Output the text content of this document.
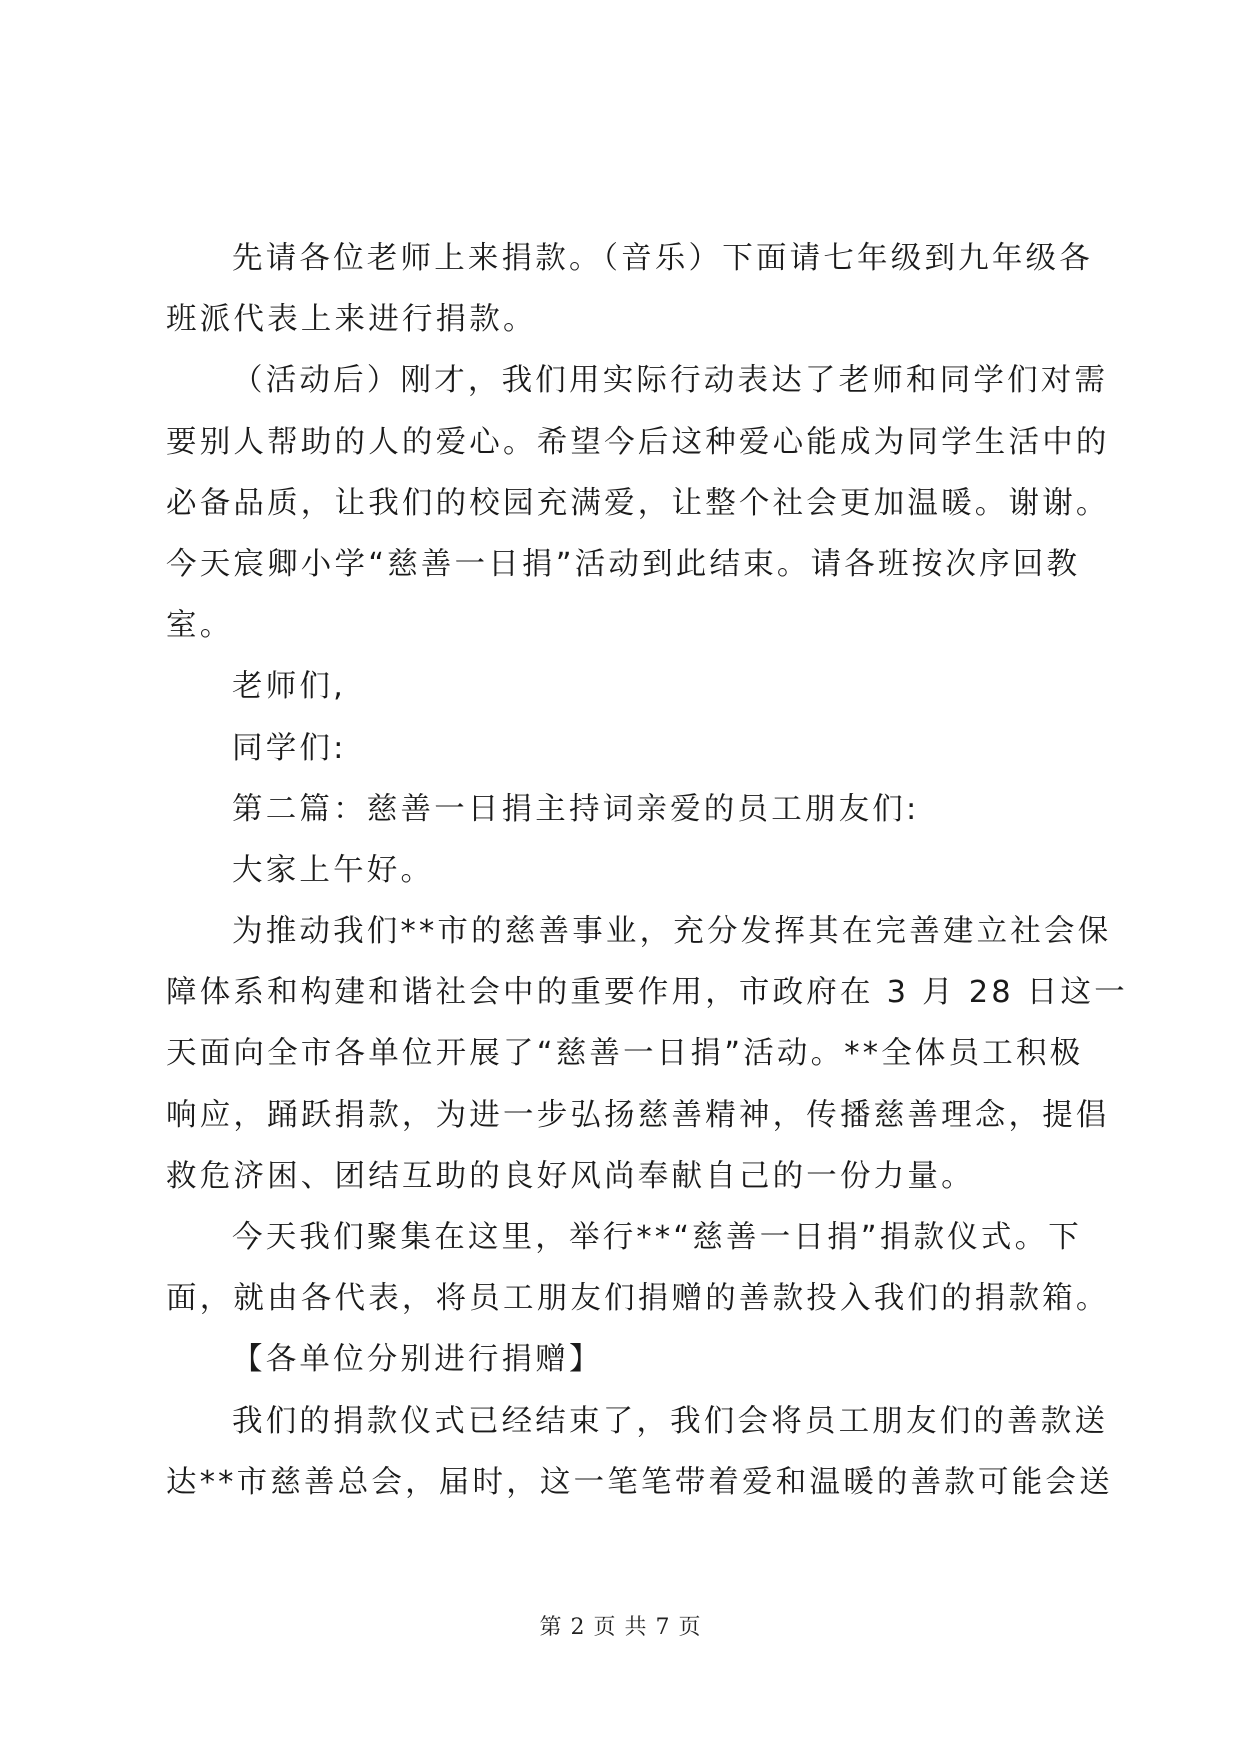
先请各位老师上来捐款。（音乐）下面请七年级到九年级各
班派代表上来进行捐款。
（活动后）刚才，我们用实际行动表达了老师和同学们对需
要别人帮助的人的爱心。希望今后这种爱心能成为同学生活中的
必备品质，让我们的校园充满爱，让整个社会更加温暖。谢谢。
今天宸卿小学“慈善一日捐”活动到此结束。请各班按次序回教
室。
老师们,
同学们:
第二篇：慈善一日捐主持词亲爱的员工朋友们:
大家上午好。
为推动我们**市的慈善事业，充分发挥其在完善建立社会保
障体系和构建和谐社会中的重要作用，市政府在 3 月 28 日这一
天面向全市各单位开展了“慈善一日捐”活动。**全体员工积极
响应，踊跃捐款，为进一步弘扬慈善精神，传播慈善理念，提倡
救危济困、团结互助的良好风尚奉献自己的一份力量。
今天我们聚集在这里，举行**“慈善一日捐”捐款仪式。下
面，就由各代表，将员工朋友们捐赠的善款投入我们的捐款箱。
【各单位分别进行捐赠】
我们的捐款仪式已经结束了，我们会将员工朋友们的善款送
达**市慈善总会，届时，这一笔笔带着爱和温暖的善款可能会送
第 2 页 共 7 页
